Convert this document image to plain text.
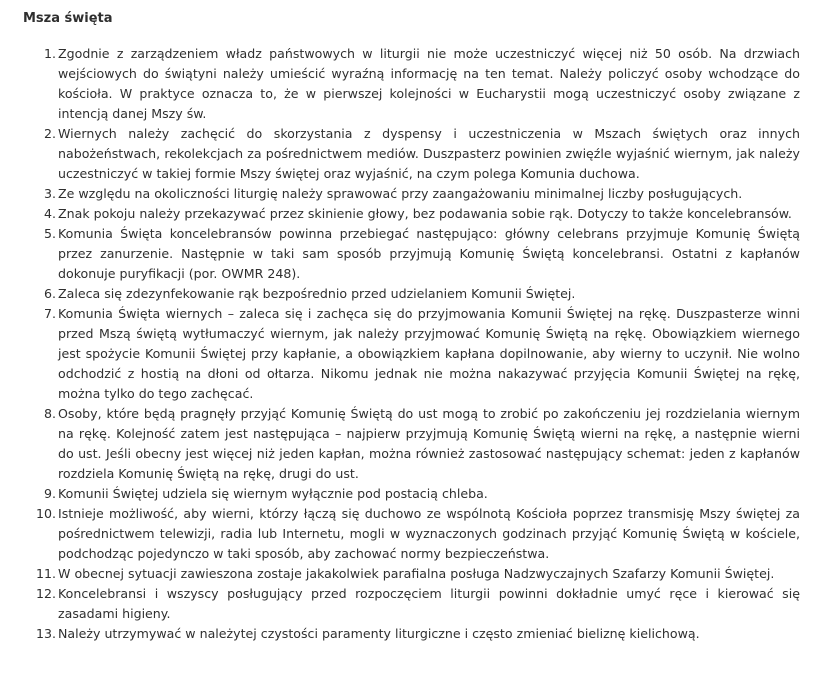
Msza święta
1. Zgodnie z zarządzeniem władz państwowych w liturgii nie może uczestniczyć więcej niż 50 osób. Na drzwiach wejściowych do świątyni należy umieścić wyraźną informację na ten temat. Należy policzyć osoby wchodzące do kościoła. W praktyce oznacza to, że w pierwszej kolejności w Eucharystii mogą uczestniczyć osoby związane z intencją danej Mszy św.
2. Wiernych należy zachęcić do skorzystania z dyspensy i uczestniczenia w Mszach świętych oraz innych nabożeństwach, rekolekcjach za pośrednictwem mediów. Duszpasterz powinien zwięźle wyjaśnić wiernym, jak należy uczestniczyć w takiej formie Mszy świętej oraz wyjaśnić, na czym polega Komunia duchowa.
3. Ze względu na okoliczności liturgię należy sprawować przy zaangażowaniu minimalnej liczby posługujących.
4. Znak pokoju należy przekazywać przez skinienie głowy, bez podawania sobie rąk. Dotyczy to także koncelebransów.
5. Komunia Święta koncelebransów powinna przebiegać następująco: główny celebrans przyjmuje Komunię Świętą przez zanurzenie. Następnie w taki sam sposób przyjmują Komunię Świętą koncelebransi. Ostatni z kapłanów dokonuje puryfikacji (por. OWMR 248).
6. Zaleca się zdezynfekowanie rąk bezpośrednio przed udzielaniem Komunii Świętej.
7. Komunia Święta wiernych – zaleca się i zachęca się do przyjmowania Komunii Świętej na rękę. Duszpasterze winni przed Mszą świętą wytłumaczyć wiernym, jak należy przyjmować Komunię Świętą na rękę. Obowiązkiem wiernego jest spożycie Komunii Świętej przy kapłanie, a obowiązkiem kapłana dopilnowanie, aby wierny to uczynił. Nie wolno odchodzić z hostią na dłoni od ołtarza. Nikomu jednak nie można nakazywać przyjęcia Komunii Świętej na rękę, można tylko do tego zachęcać.
8. Osoby, które będą pragnęły przyjąć Komunię Świętą do ust mogą to zrobić po zakończeniu jej rozdzielania wiernym na rękę. Kolejność zatem jest następująca – najpierw przyjmują Komunię Świętą wierni na rękę, a następnie wierni do ust. Jeśli obecny jest więcej niż jeden kapłan, można również zastosować następujący schemat: jeden z kapłanów rozdziela Komunię Świętą na rękę, drugi do ust.
9. Komunii Świętej udziela się wiernym wyłącznie pod postacią chleba.
10. Istnieje możliwość, aby wierni, którzy łączą się duchowo ze wspólnotą Kościoła poprzez transmisję Mszy świętej za pośrednictwem telewizji, radia lub Internetu, mogli w wyznaczonych godzinach przyjąć Komunię Świętą w kościele, podchodząc pojedynczo w taki sposób, aby zachować normy bezpieczeństwa.
11. W obecnej sytuacji zawieszona zostaje jakakolwiek parafialna posługa Nadzwyczajnych Szafarzy Komunii Świętej.
12. Koncelebransi i wszyscy posługujący przed rozpoczęciem liturgii powinni dokładnie umyć ręce i kierować się zasadami higieny.
13. Należy utrzymywać w należytej czystości paramenty liturgiczne i często zmieniać bieliznę kielichową.
